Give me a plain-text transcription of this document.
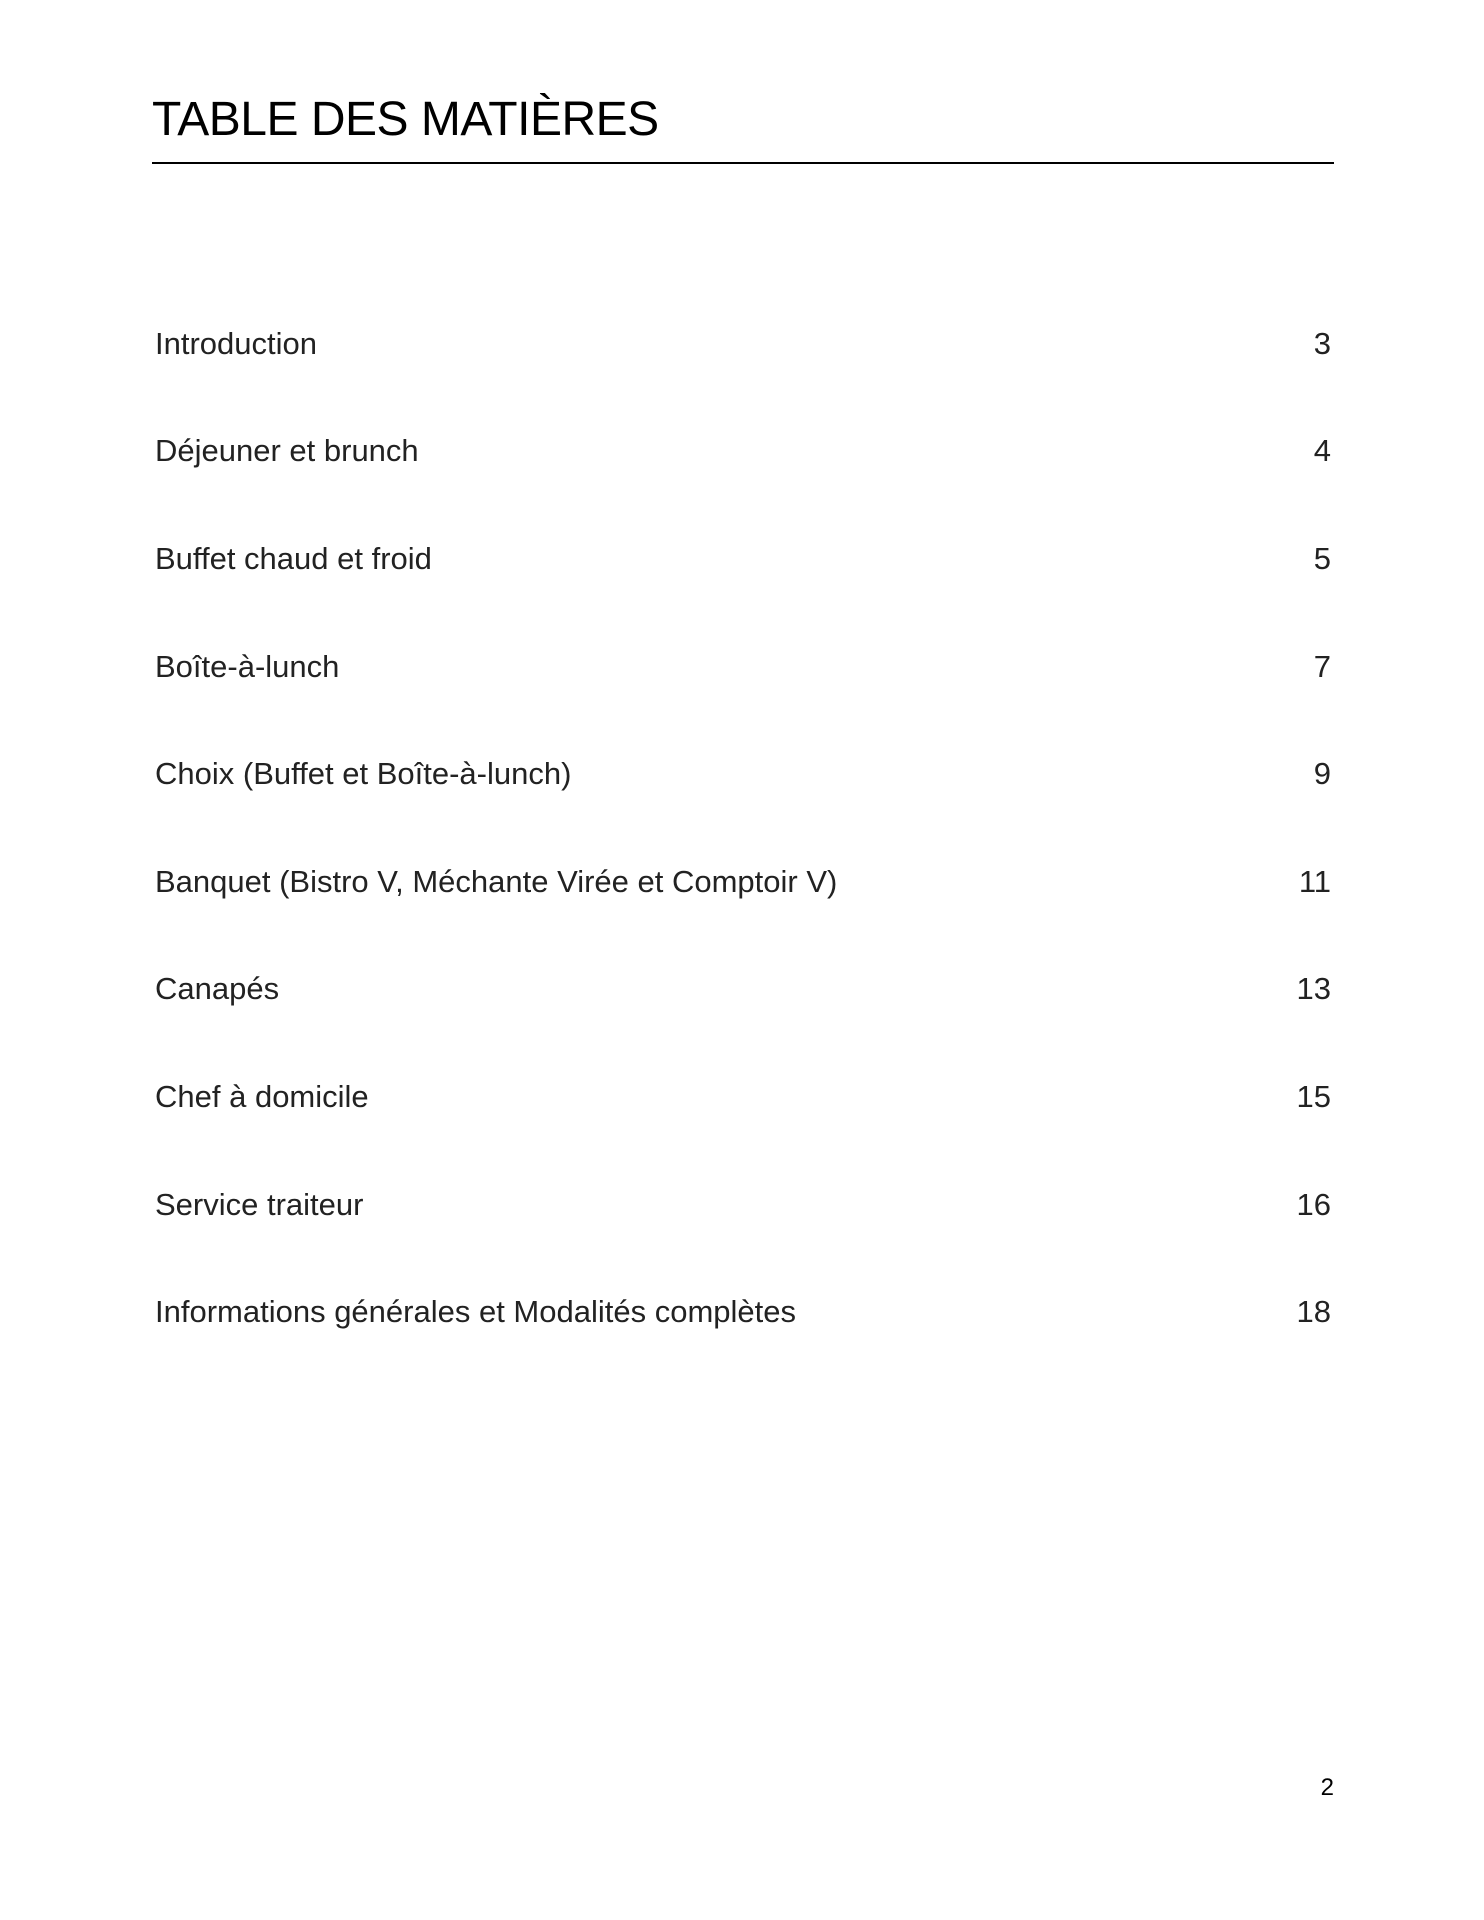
TABLE DES MATIÈRES
Introduction	3
Déjeuner et brunch	4
Buffet chaud et froid	5
Boîte-à-lunch	7
Choix (Buffet et Boîte-à-lunch)	9
Banquet (Bistro V, Méchante Virée et Comptoir V)	11
Canapés	13
Chef à domicile	15
Service traiteur	16
Informations générales et Modalités complètes	18
2
